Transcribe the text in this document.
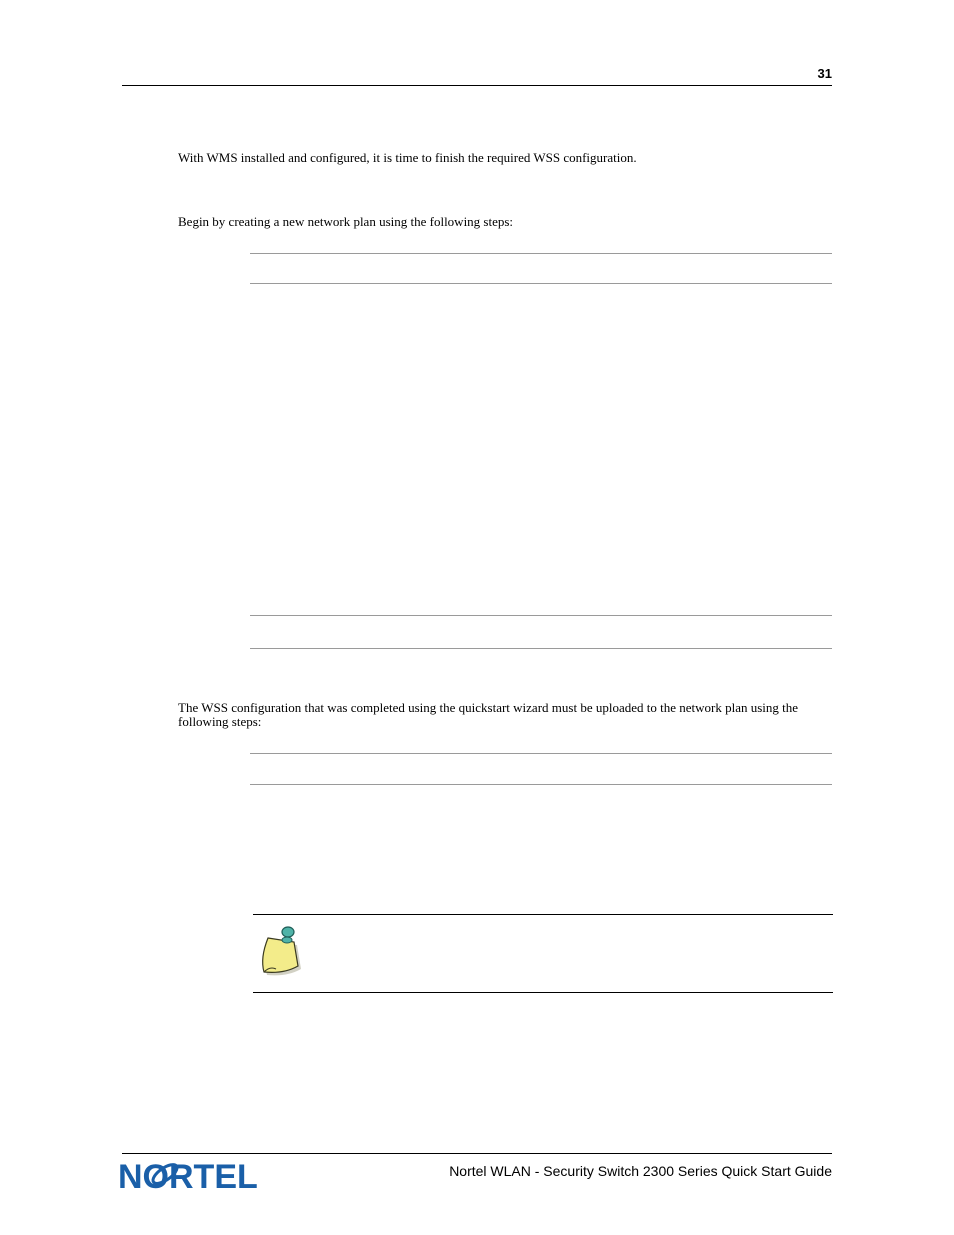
31
With WMS installed and configured, it is time to finish the required WSS configuration.
Begin by creating a new network plan using the following steps:
The WSS configuration that was completed using the quickstart wizard must be uploaded to the network plan using the following steps:
NORTEL	Nortel WLAN - Security Switch 2300 Series Quick Start Guide
